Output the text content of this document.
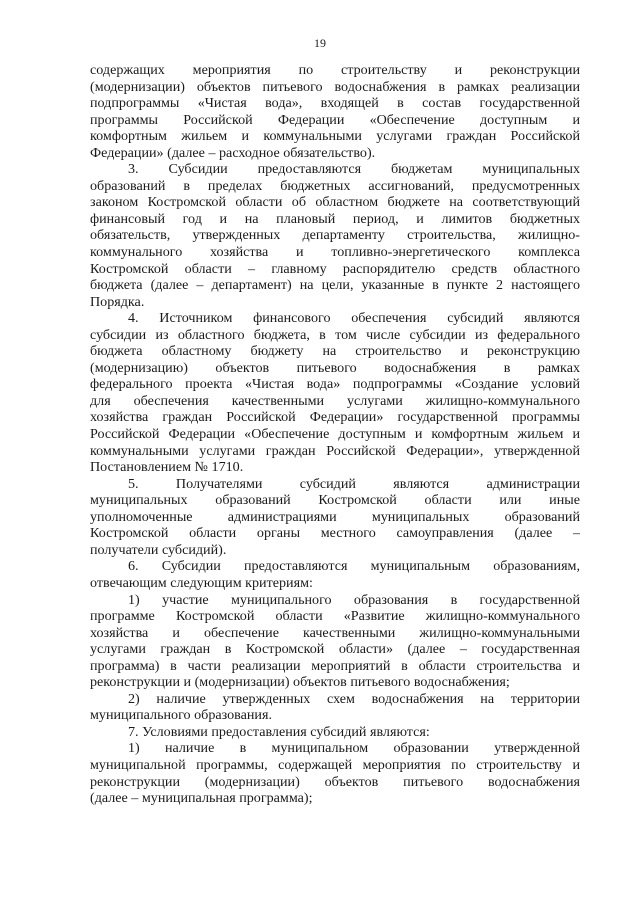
19
содержащих мероприятия по строительству и реконструкции
(модернизации) объектов питьевого водоснабжения в рамках реализации
подпрограммы «Чистая вода», входящей в состав государственной
программы Российской Федерации «Обеспечение доступным и
комфортным жильем и коммунальными услугами граждан Российской
Федерации» (далее – расходное обязательство).
3. Субсидии предоставляются бюджетам муниципальных
образований в пределах бюджетных ассигнований, предусмотренных
законом Костромской области об областном бюджете на соответствующий
финансовый год и на плановый период, и лимитов бюджетных
обязательств, утвержденных департаменту строительства, жилищно-
коммунального хозяйства и топливно-энергетического комплекса
Костромской области – главному распорядителю средств областного
бюджета (далее – департамент) на цели, указанные в пункте 2 настоящего
Порядка.
4. Источником финансового обеспечения субсидий являются
субсидии из областного бюджета, в том числе субсидии из федерального
бюджета областному бюджету на строительство и реконструкцию
(модернизацию) объектов питьевого водоснабжения в рамках
федерального проекта «Чистая вода» подпрограммы «Создание условий
для обеспечения качественными услугами жилищно-коммунального
хозяйства граждан Российской Федерации» государственной программы
Российской Федерации «Обеспечение доступным и комфортным жильем и
коммунальными услугами граждан Российской Федерации», утвержденной
Постановлением № 1710.
5. Получателями субсидий являются администрации
муниципальных образований Костромской области или иные
уполномоченные администрациями муниципальных образований
Костромской области органы местного самоуправления (далее –
получатели субсидий).
6. Субсидии предоставляются муниципальным образованиям,
отвечающим следующим критериям:
1) участие муниципального образования в государственной
программе Костромской области «Развитие жилищно-коммунального
хозяйства и обеспечение качественными жилищно-коммунальными
услугами граждан в Костромской области» (далее – государственная
программа) в части реализации мероприятий в области строительства и
реконструкции и (модернизации) объектов питьевого водоснабжения;
2) наличие утвержденных схем водоснабжения на территории
муниципального образования.
7. Условиями предоставления субсидий являются:
1) наличие в муниципальном образовании утвержденной
муниципальной программы, содержащей мероприятия по строительству и
реконструкции (модернизации) объектов питьевого водоснабжения
(далее – муниципальная программа);
